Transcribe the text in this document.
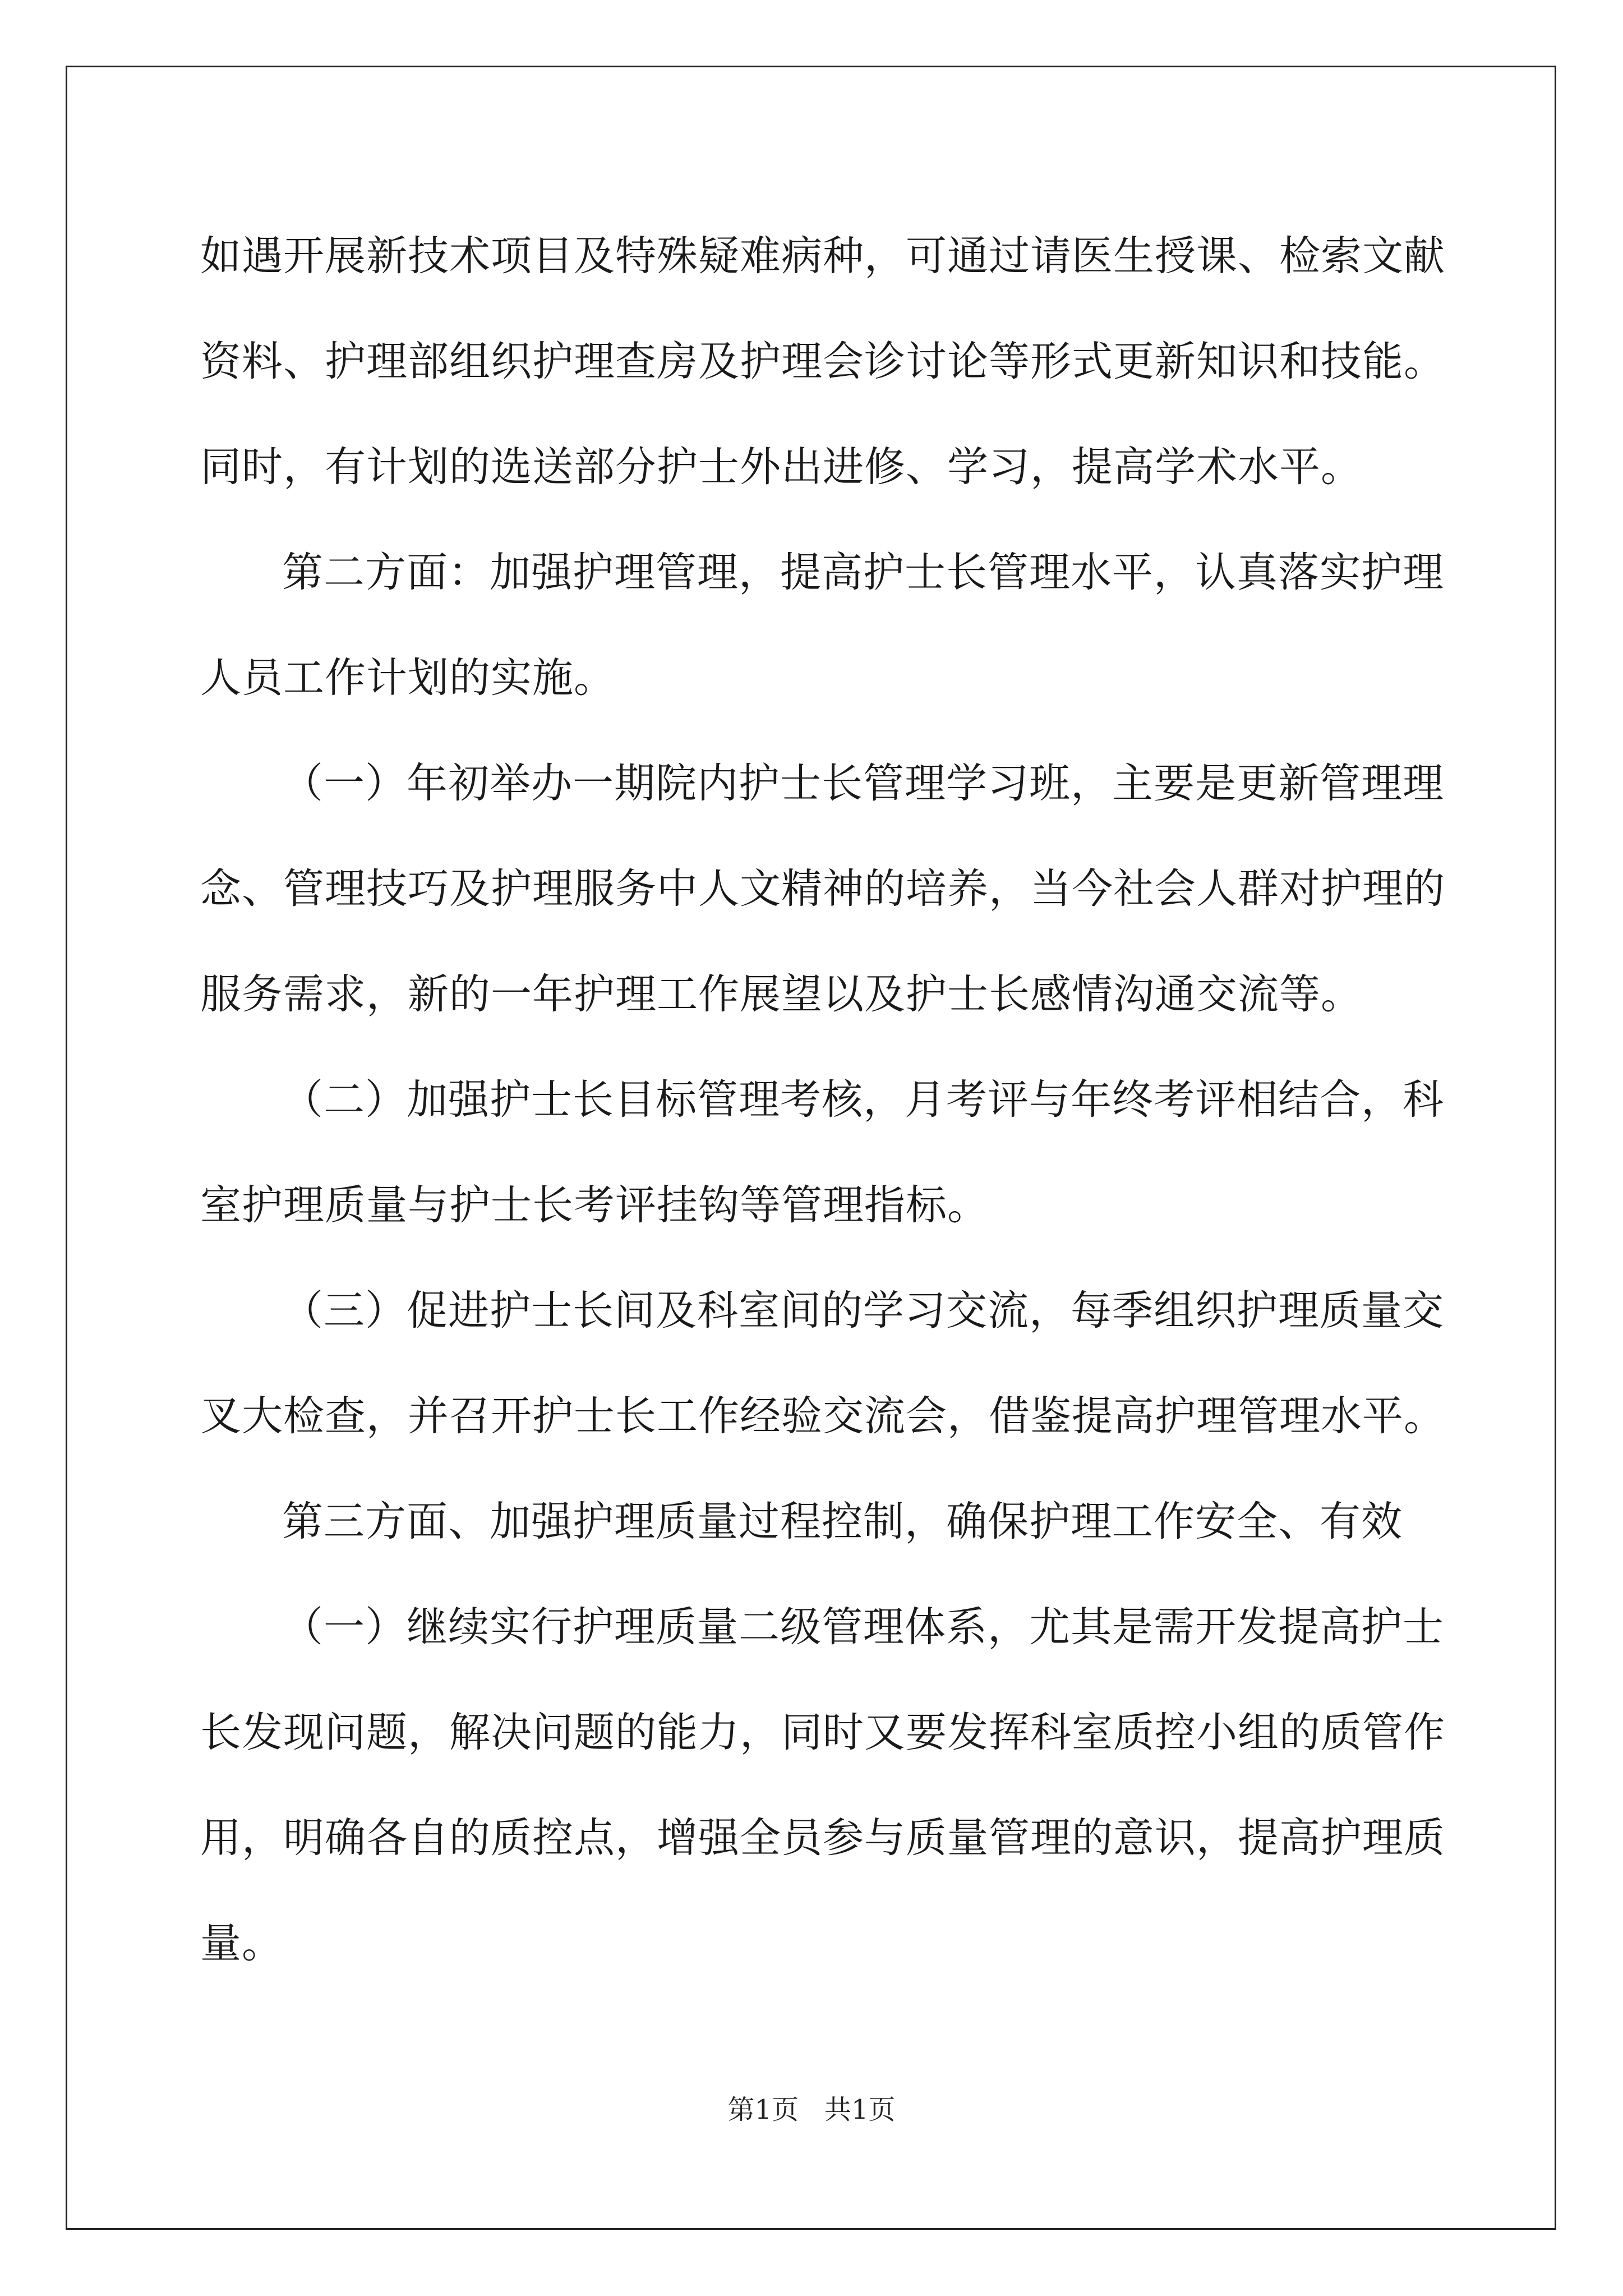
如遇开展新技术项目及特殊疑难病种，可通过请医生授课、检索文献
资料、护理部组织护理查房及护理会诊讨论等形式更新知识和技能。
同时，有计划的选送部分护士外出进修、学习，提高学术水平。
第二方面：加强护理管理，提高护士长管理水平，认真落实护理
人员工作计划的实施。
（一）年初举办一期院内护士长管理学习班，主要是更新管理理
念、管理技巧及护理服务中人文精神的培养，当今社会人群对护理的
服务需求，新的一年护理工作展望以及护士长感情沟通交流等。
（二）加强护士长目标管理考核，月考评与年终考评相结合，科
室护理质量与护士长考评挂钩等管理指标。
（三）促进护士长间及科室间的学习交流，每季组织护理质量交
叉大检查，并召开护士长工作经验交流会，借鉴提高护理管理水平。
第三方面、加强护理质量过程控制，确保护理工作安全、有效
（一）继续实行护理质量二级管理体系，尤其是需开发提高护士
长发现问题，解决问题的能力，同时又要发挥科室质控小组的质管作
用，明确各自的质控点，增强全员参与质量管理的意识，提高护理质
量。
第1页   共1页
